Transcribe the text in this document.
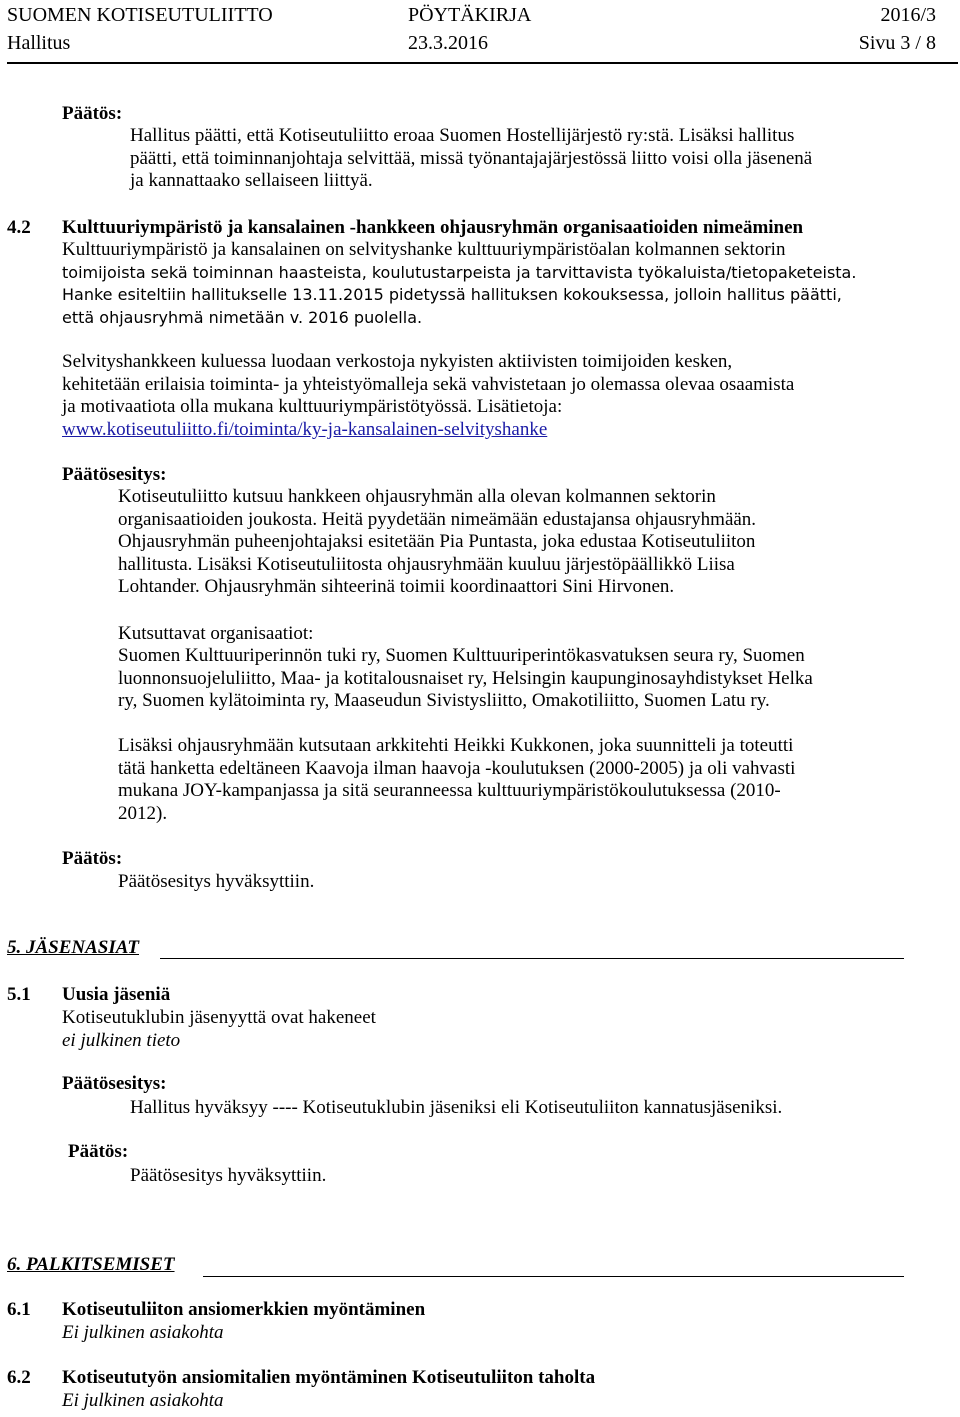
SUOMEN KOTISEUTULIITTO	PÖYTÄKIRJA	2016/3
Hallitus	23.3.2016	Sivu 3 / 8
Päätös:
Hallitus päätti, että Kotiseutuliitto eroaa Suomen Hostellijärjestö ry:stä. Lisäksi hallitus
päätti, että toiminnanjohtaja selvittää, missä työnantajajärjestössä liitto voisi olla jäsenenä
ja kannattaako sellaiseen liittyä.
4.2 Kulttuuriympäristö ja kansalainen -hankkeen ohjausryhmän organisaatioiden nimeäminen
Kulttuuriympäristö ja kansalainen on selvityshanke kulttuuriympäristöalan kolmannen sektorin
toimijoista sekä toiminnan haasteista, koulutustarpeista ja tarvittavista työkaluista/tietopaketeista.
Hanke esiteltiin hallitukselle 13.11.2015 pidetyssä hallituksen kokouksessa, jolloin hallitus päätti,
että ohjausryhmä nimetään v. 2016 puolella.
Selvityshankkeen kuluessa luodaan verkostoja nykyisten aktiivisten toimijoiden kesken,
kehitetään erilaisia toiminta- ja yhteistyömalleja sekä vahvistetaan jo olemassa olevaa osaamista
ja motivaatiota olla mukana kulttuuriympäristötyössä. Lisätietoja:
www.kotiseutuliitto.fi/toiminta/ky-ja-kansalainen-selvityshanke
Päätösesitys:
Kotiseutuliitto kutsuu hankkeen ohjausryhmän alla olevan kolmannen sektorin
organisaatioiden joukosta. Heitä pyydetään nimeämään edustajansa ohjausryhmään.
Ohjausryhmän puheenjohtajaksi esitetään Pia Puntasta, joka edustaa Kotiseutuliiton
hallitusta. Lisäksi Kotiseutuliitosta ohjausryhmään kuuluu järjestöpäällikkö Liisa
Lohtander. Ohjausryhmän sihteerinä toimii koordinaattori Sini Hirvonen.
Kutsuttavat organisaatiot:
Suomen Kulttuuriperinnön tuki ry, Suomen Kulttuuriperintökasvatuksen seura ry, Suomen
luonnonsuojeluliitto, Maa- ja kotitalousnaiset ry, Helsingin kaupunginosayhdistykset Helka
ry, Suomen kylätoiminta ry, Maaseudun Sivistysliitto, Omakotiliitto, Suomen Latu ry.
Lisäksi ohjausryhmään kutsutaan arkkitehti Heikki Kukkonen, joka suunnitteli ja toteutti
tätä hanketta edeltäneen Kaavoja ilman haavoja -koulutuksen (2000-2005) ja oli vahvasti
mukana JOY-kampanjassa ja sitä seuranneessa kulttuuriympäristökoulutuksessa (2010-
2012).
Päätös:
Päätösesitys hyväksyttiin.
5. JÄSENASIAT
5.1 Uusia jäseniä
Kotiseutuklubin jäsenyyttä ovat hakeneet
ei julkinen tieto
Päätösesitys:
Hallitus hyväksyy ---- Kotiseutuklubin jäseniksi eli Kotiseutuliiton kannatusjäseniksi.
Päätös:
Päätösesitys hyväksyttiin.
6. PALKITSEMISET
6.1 Kotiseutuliiton ansiomerkkien myöntäminen
Ei julkinen asiakohta
6.2 Kotiseututyön ansiomitalien myöntäminen Kotiseutuliiton taholta
Ei julkinen asiakohta
